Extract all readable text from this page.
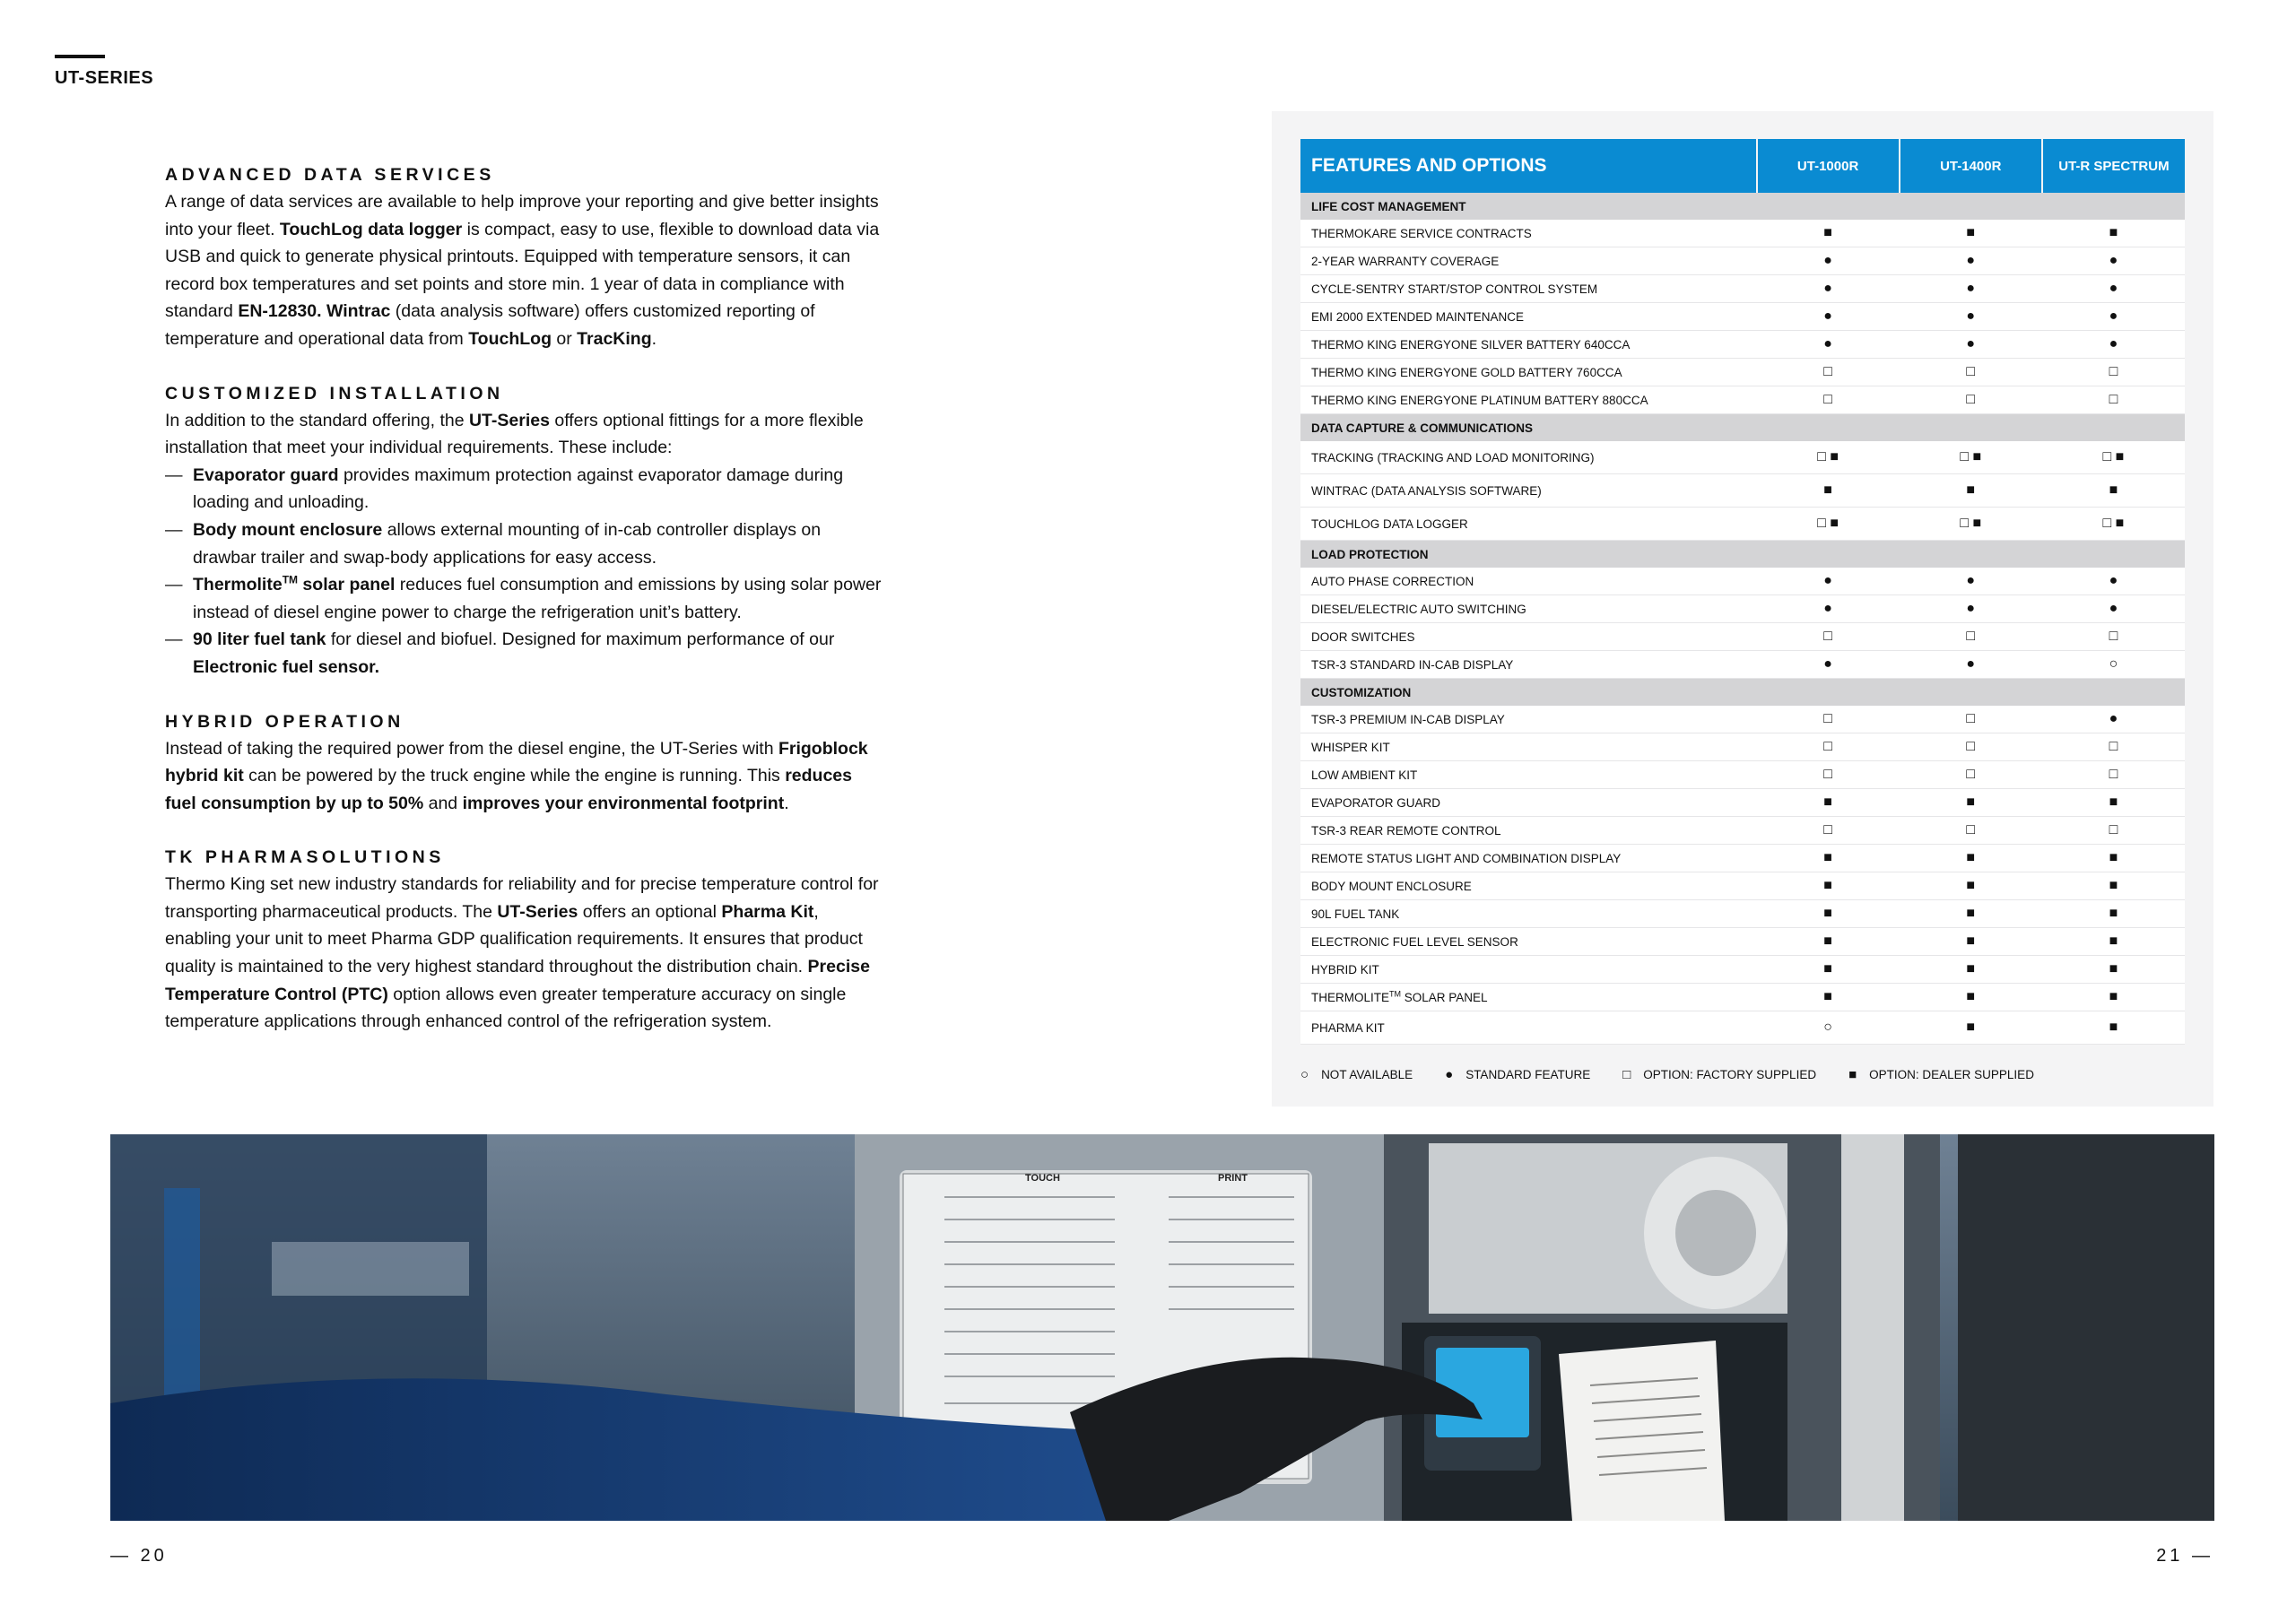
UT-SERIES
ADVANCED DATA SERVICES

A range of data services are available to help improve your reporting and give better insights into your fleet. TouchLog data logger is compact, easy to use, flexible to download data via USB and quick to generate physical printouts. Equipped with temperature sensors, it can record box temperatures and set points and store min. 1 year of data in compliance with standard EN-12830. Wintrac (data analysis software) offers customized reporting of temperature and operational data from TouchLog or TracKing.

CUSTOMIZED INSTALLATION

In addition to the standard offering, the UT-Series offers optional fittings for a more flexible installation that meet your individual requirements. These include:

— Evaporator guard provides maximum protection against evaporator damage during loading and unloading.
— Body mount enclosure allows external mounting of in-cab controller displays on drawbar trailer and swap-body applications for easy access.
— Thermolite™ solar panel reduces fuel consumption and emissions by using solar power instead of diesel engine power to charge the refrigeration unit’s battery.
— 90 liter fuel tank for diesel and biofuel. Designed for maximum performance of our Electronic fuel sensor.
HYBRID OPERATION

Instead of taking the required power from the diesel engine, the UT-Series with Frigoblock hybrid kit can be powered by the truck engine while the engine is running. This reduces fuel consumption by up to 50% and improves your environmental footprint.

TK PHARMASOLUTIONS

Thermo King set new industry standards for reliability and for precise temperature control for transporting pharmaceutical products. The UT-Series offers an optional Pharma Kit, enabling your unit to meet Pharma GDP qualification requirements. It ensures that product quality is maintained to the very highest standard throughout the distribution chain. Precise Temperature Control (PTC) option allows even greater temperature accuracy on single temperature applications through enhanced control of the refrigeration system.

FEATURES AND OPTIONS	UT-1000R	UT-1400R	UT-R SPECTRUM
LIFE COST MANAGEMENT			
THERMOKARE SERVICE CONTRACTS	■	■	■
2-YEAR WARRANTY COVERAGE	●	●	●
CYCLE-SENTRY START/STOP CONTROL SYSTEM	●	●	●
EMI 2000 EXTENDED MAINTENANCE	●	●	●
THERMO KING ENERGYONE SILVER BATTERY 640CCA	●	●	●
THERMO KING ENERGYONE GOLD BATTERY 760CCA	□	□	□
THERMO KING ENERGYONE PLATINUM BATTERY 880CCA	□	□	□
DATA CAPTURE & COMMUNICATIONS			
TRACKING (TRACKING AND LOAD MONITORING)	□ ■	□ ■	□ ■
WINTRAC (DATA ANALYSIS SOFTWARE)	■	■	■
TOUCHLOG DATA LOGGER	□ ■	□ ■	□ ■
LOAD PROTECTION			
AUTO PHASE CORRECTION	●	●	●
DIESEL/ELECTRIC AUTO SWITCHING	●	●	●
DOOR SWITCHES	□	□	□
TSR-3 STANDARD IN-CAB DISPLAY	●	●	○
CUSTOMIZATION			
TSR-3 PREMIUM IN-CAB DISPLAY	□	□	●
WHISPER KIT	□	□	□
LOW AMBIENT KIT	□	□	□
EVAPORATOR GUARD	■	■	■
TSR-3 REAR REMOTE CONTROL	□	□	□
REMOTE STATUS LIGHT AND COMBINATION DISPLAY	■	■	■
BODY MOUNT ENCLOSURE	■	■	■
90L FUEL TANK	■	■	■
ELECTRONIC FUEL LEVEL SENSOR	■	■	■
HYBRID KIT	■	■	■
THERMOLITE™ SOLAR PANEL	■	■	■
PHARMA KIT	○	■	■
○ NOT AVAILABLE ● STANDARD FEATURE □ OPTION: FACTORY SUPPLIED ■ OPTION: DEALER SUPPLIED
TOUCH	PRINT
— 20	21 —
